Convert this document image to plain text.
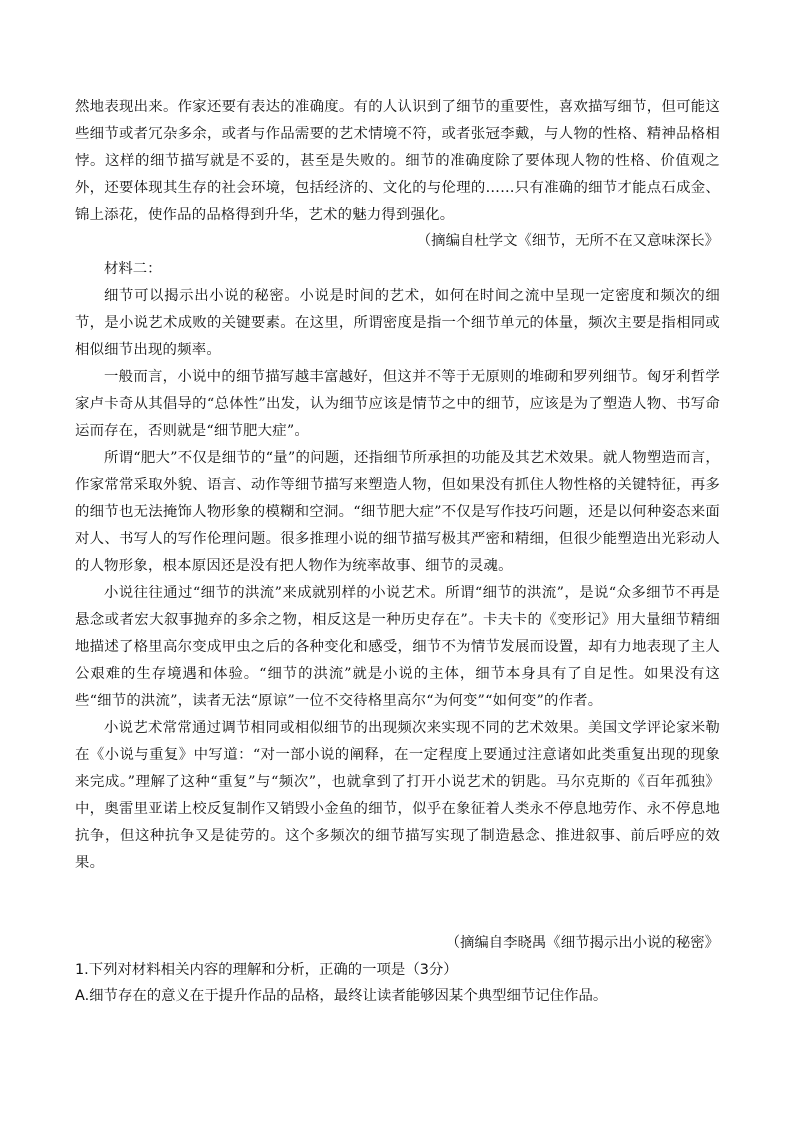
然地表现出来。作家还要有表达的准确度。有的人认识到了细节的重要性，喜欢描写细节，但可能这些细节或者冗杂多余，或者与作品需要的艺术情境不符，或者张冠李戴，与人物的性格、精神品格相悖。这样的细节描写就是不妥的，甚至是失败的。细节的准确度除了要体现人物的性格、价值观之外，还要体现其生存的社会环境，包括经济的、文化的与伦理的……只有准确的细节才能点石成金、锦上添花，使作品的品格得到升华，艺术的魅力得到强化。

（摘编自杜学文《细节，无所不在又意味深长》
材料二：

细节可以揭示出小说的秘密。小说是时间的艺术，如何在时间之流中呈现一定密度和频次的细节，是小说艺术成败的关键要素。在这里，所谓密度是指一个细节单元的体量，频次主要是指相同或相似细节出现的频率。

一般而言，小说中的细节描写越丰富越好，但这并不等于无原则的堆砌和罗列细节。匈牙利哲学家卢卡奇从其倡导的“总体性”出发，认为细节应该是情节之中的细节，应该是为了塑造人物、书写命运而存在，否则就是“细节肥大症”。

所谓“肥大”不仅是细节的“量”的问题，还指细节所承担的功能及其艺术效果。就人物塑造而言，作家常常采取外貌、语言、动作等细节描写来塑造人物，但如果没有抓住人物性格的关键特征，再多的细节也无法掩饰人物形象的模糊和空洞。“细节肥大症”不仅是写作技巧问题，还是以何种姿态来面对人、书写人的写作伦理问题。很多推理小说的细节描写极其严密和精细，但很少能塑造出光彩动人的人物形象，根本原因还是没有把人物作为统率故事、细节的灵魂。

小说往往通过“细节的洪流”来成就别样的小说艺术。所谓“细节的洪流”，是说“众多细节不再是悬念或者宏大叙事抛弃的多余之物，相反这是一种历史存在”。卡夫卡的《变形记》用大量细节精细地描述了格里高尔变成甲虫之后的各种变化和感受，细节不为情节发展而设置，却有力地表现了主人公艰难的生存境遇和体验。“细节的洪流”就是小说的主体，细节本身具有了自足性。如果没有这些“细节的洪流”，读者无法“原谅”一位不交待格里高尔“为何变”“如何变”的作者。

小说艺术常常通过调节相同或相似细节的出现频次来实现不同的艺术效果。美国文学评论家米勒在《小说与重复》中写道：“对一部小说的阐释，在一定程度上要通过注意诸如此类重复出现的现象来完成。”理解了这种“重复”与“频次”，也就拿到了打开小说艺术的钥匙。马尔克斯的《百年孤独》中，奥雷里亚诺上校反复制作又销毁小金鱼的细节，似乎在象征着人类永不停息地劳作、永不停息地抗争，但这种抗争又是徒劳的。这个多频次的细节描写实现了制造悬念、推进叙事、前后呼应的效果。

（摘编自李晓禺《细节揭示出小说的秘密》
1.下列对材料相关内容的理解和分析，正确的一项是（3分）
A.细节存在的意义在于提升作品的品格，最终让读者能够因某个典型细节记住作品。
